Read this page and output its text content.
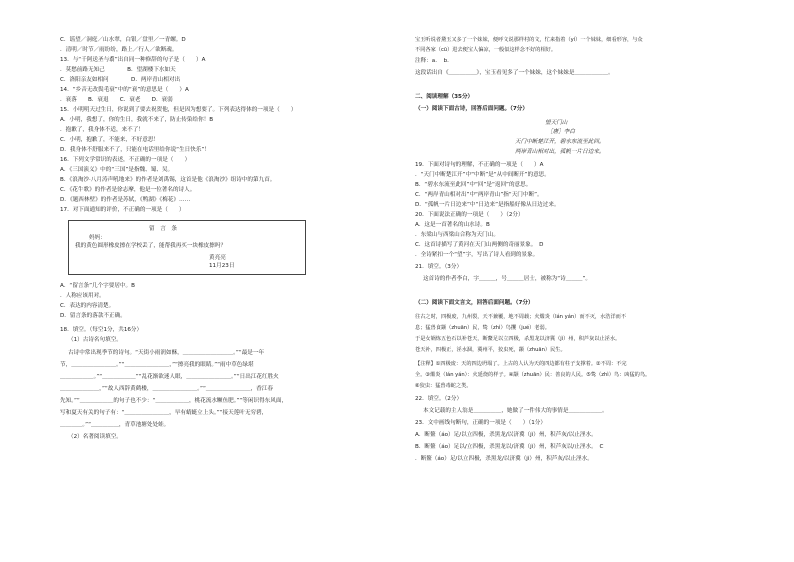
C．谣望／洞庭／山水翠，白银／盘里／一青螺。D
．清明／时节／雨纷纷，路上／行人／欲断魂。
13．与“千阿送圣与翥”出自同一种修辞的句子是（　　）A
．莫愁前路无知己　　　　B．望湖楼下水如天
C．洛阳亲友如相问　　　　D．两岸青山相对出
14．“乡音无改鬓毛衰”中的“衰”的意思是（　　）A
．衰落　　B．衰退　　C．衰老　　D．衰弱
15．小明明天过生日，你说到了要去祝贺他，但是因为想要了。下列表达得体的一项是（　　）
A．小明，我想了，你的生日，我就不来了，防止传染给你！B
．抱歉了，我身体不适，来不了！
C．小明，抱歉了，不能来，不好意思！
D．我身体不舒服来不了，只能在电话里给你说“生日快乐”！
16．下列文学常识的表述，不正确的一项是（　　）
A．《三国演义》中的“三国”是指魏、蜀、吴。
B．《浪淘沙·八月涛声吼地来》的作者是刘禹锡，这首是他《浪淘沙》组诗中的第九首。
C．《花牛歌》的作者是徐志摩，他是一位著名的诗人。
D．《题西林壁》的作者是苏轼，《鸭湖》《梅花》……
17．对下面通知的评价，不正确的一项是（　　）
留　言　条
妈妈：
我的黄色圆形橡皮擦在学校丢了，能帮我再买一块橡皮擦吗？
黄亮亮
11月23日
A．“留言条”几个字要居中。B
．人称应该用对。
C．表达的内容清楚。
D．留言条的落款不正确。
18．填空。（每空1分，共16分）
（1）古诗名句填空。
古诗中常出现季节的诗句。“天街小雨润如酥，＿＿＿＿＿＿＿＿＿。”“最是一年
节，＿＿＿＿＿＿＿＿。”“＿＿＿＿＿＿＿＿，”“擦亮我的眼睛。”“雨中草色绿堪
＿＿＿＿＿＿。”“＿＿＿＿＿＿”“乱花渐欲迷人眼，＿＿＿＿＿＿＿＿。”“日出江花红胜火
＿＿＿＿＿＿＿，”“故人西辞黄鹤楼，＿＿＿＿＿＿＿＿。”“＿＿＿＿＿＿＿＿，香江春
先知。”“＿＿＿＿＿＿的句子也不少：“＿＿＿＿＿＿，桃花流水鳜鱼肥。”“等闲识得东风面，
写和夏天有关的句子有：“＿＿＿＿＿＿＿＿，早有蜻蜓立上头。”“接天莲叶无穷碧，
＿＿＿＿。”“＿＿＿＿＿，青草池塘处处蛙。
（2）名著阅读填空。
宝玉听说者黛玉又多了一个妹妹，便呼文说那样村的文，忙来指着（yí）一个妹妹，细看形容，与众
不同各家（cū）进去便宝人偏凉，一般似这样念不好的相好。
注释：a．　b．
这段话出自《＿＿＿＿＿》，宝玉看见多了一个妹妹，这个妹妹是＿＿＿＿＿＿。
二、阅读理解（35分）
（一）阅读下面古诗，回答后面问题。（7分）
望天门山
［唐］李白
天门中断楚江开，碧水东流至此回。
两岸青山相对出，孤帆一片日边来。
19．下面对诗句的理解，不正确的一项是（　　）A
．“天门中断楚江开”中“中断”是“从中间断开”的意思。
B．“碧水东流至此回”中“回”是“返回”的意思。
C．“两岸青山相对出”中“两岸青山”指“天门中断”。
D．“孤帆一片日边来”中“日边来”是指船好像从日边过来。
20．下面说法正确的一项是（　　）（2分）
A．这是一首著名的山水诗。B
．东梁山与西梁山合称为天门山。
C．这首诗描写了黄河在天门山两侧的奇丽景象。　D
．全诗紧扣一个“望”字，写出了诗人看到的景象。
21．填空。（3分）
这首诗的作者李白，字＿＿＿，号＿＿＿居士，被称为“诗＿＿＿”。
（二）阅读下面文言文，回答后面问题。（7分）
往古之时，四极废，九州裂，天不兼覆，地不周载；火爁炎（lán yán）而不灭，水浩洋而不
息；猛兽食颛（zhuān）民，鸷（zhì）鸟攫（jué）老弱。
于是女娲炼五色石以补苍天，断鳌足以立四极，杀黑龙以济冀（jì）州，积芦灰以止淫水。
苍天补，四极正，淫水涸，冀州平，狡虫死，颛（zhuān）民生。
【注释】①四极废：天的四边坍塌了。上古的人认为天的四边都有柱子支撑着。②不周：不完
全。③爁炎（lán yán）：火延烧的样子。④颛（zhuān）民：善良的人民。⑤鸷（zhì）鸟：凶猛的鸟。
⑥狡虫：猛兽毒蛇之类。
22．填空。（2分）
本文记载的主人翁是＿＿＿＿＿，她做了一件伟大的事情是＿＿＿＿＿＿。
23．文中画线句断句，正确的一项是（　　）（1分）
A．断鳌（áo）足/以立四极，杀黑龙/以济冀（jì）州，积芦灰/以止淫水。
B．断鳌（áo）足以/立四极，杀黑龙以/济冀（jì）州，积芦灰以/止淫水。　C
．断鳌（áo）足/以立四极，杀黑龙/以济冀（jì）州，积芦灰/以止淫水。
